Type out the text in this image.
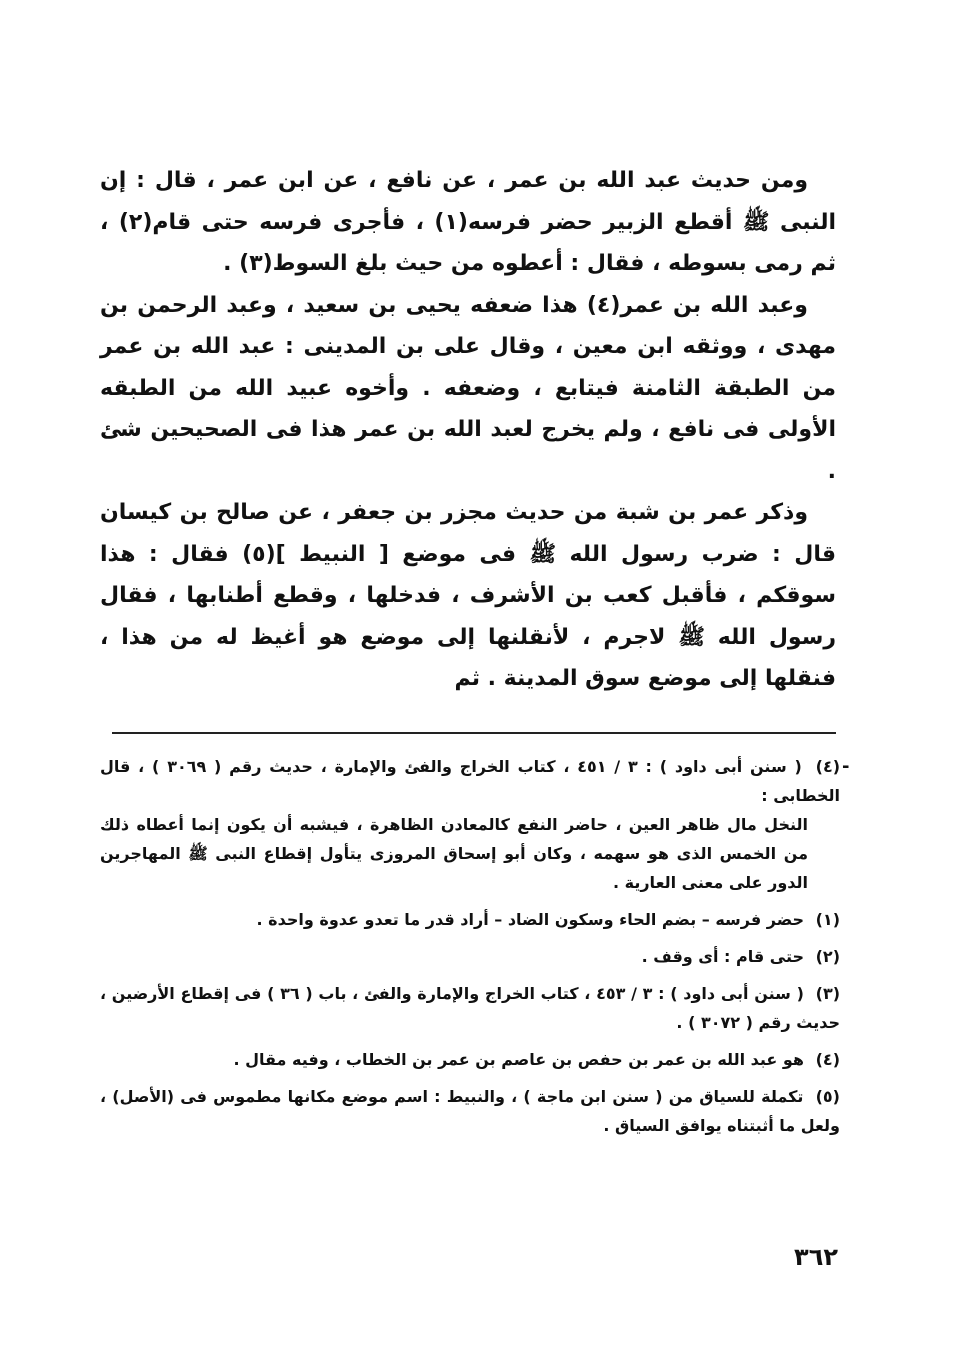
ومن حديث عبد الله بن عمر ، عن نافع ، عن ابن عمر ، قال : إن النبى ﷺ أقطع الزبير حضر فرسه(١) ، فأجرى فرسه حتى قام(٢) ، ثم رمى بسوطه ، فقال : أعطوه من حيث بلغ السوط(٣) .

وعبد الله بن عمر(٤) هذا ضعفه يحيى بن سعيد ، وعبد الرحمن بن مهدى ، ووثقه ابن معين ، وقال على بن المدينى : عبد الله بن عمر من الطبقة الثامنة فيتابع ، وضعفه . وأخوه عبيد الله من الطبقه الأولى فى نافع ، ولم يخرج لعبد الله بن عمر هذا فى الصحيحين شئ .

وذكر عمر بن شبة من حديث مجزر بن جعفر ، عن صالح بن كيسان قال : ضرب رسول الله ﷺ فى موضع [ النبيط ](٥) فقال : هذا سوقكم ، فأقبل كعب بن الأشرف ، فدخلها ، وقطع أطنابها ، فقال رسول الله ﷺ لاجرم ، لأنقلنها إلى موضع هو أغيظ له من هذا ، فنقلها إلى موضع سوق المدينة . ثم

-
(٤) ( سنن أبى داود ) : ٣ / ٤٥١ ، كتاب الخراج والفئ والإمارة ، حديث رقم ( ٣٠٦٩ ) ، قال الخطابى :
النخل مال ظاهر العين ، حاضر النفع كالمعادن الظاهرة ، فيشبه أن يكون إنما أعطاه ذلك من الخمس الذى هو سهمه ، وكان أبو إسحاق المروزى يتأول إقطاع النبى ﷺ المهاجرين الدور على معنى العارية .
(١) حضر فرسه – بضم الحاء وسكون الضاد – أراد قدر ما تعدو عدوة واحدة .
(٢) حتى قام : أى وقف .
(٣) ( سنن أبى داود ) : ٣ / ٤٥٣ ، كتاب الخراج والإمارة والفئ ، باب ( ٣٦ ) فى إقطاع الأرضين ، حديث رقم ( ٣٠٧٢ ) .
(٤) هو عبد الله بن عمر بن حفص بن عاصم بن عمر بن الخطاب ، وفيه مقال .
(٥) تكملة للسياق من ( سنن ابن ماجة ) ، والنبيط : اسم موضع مكانها مطموس فى (الأصل) ، ولعل ما أثبتناه يوافق السياق .
٣٦٢
